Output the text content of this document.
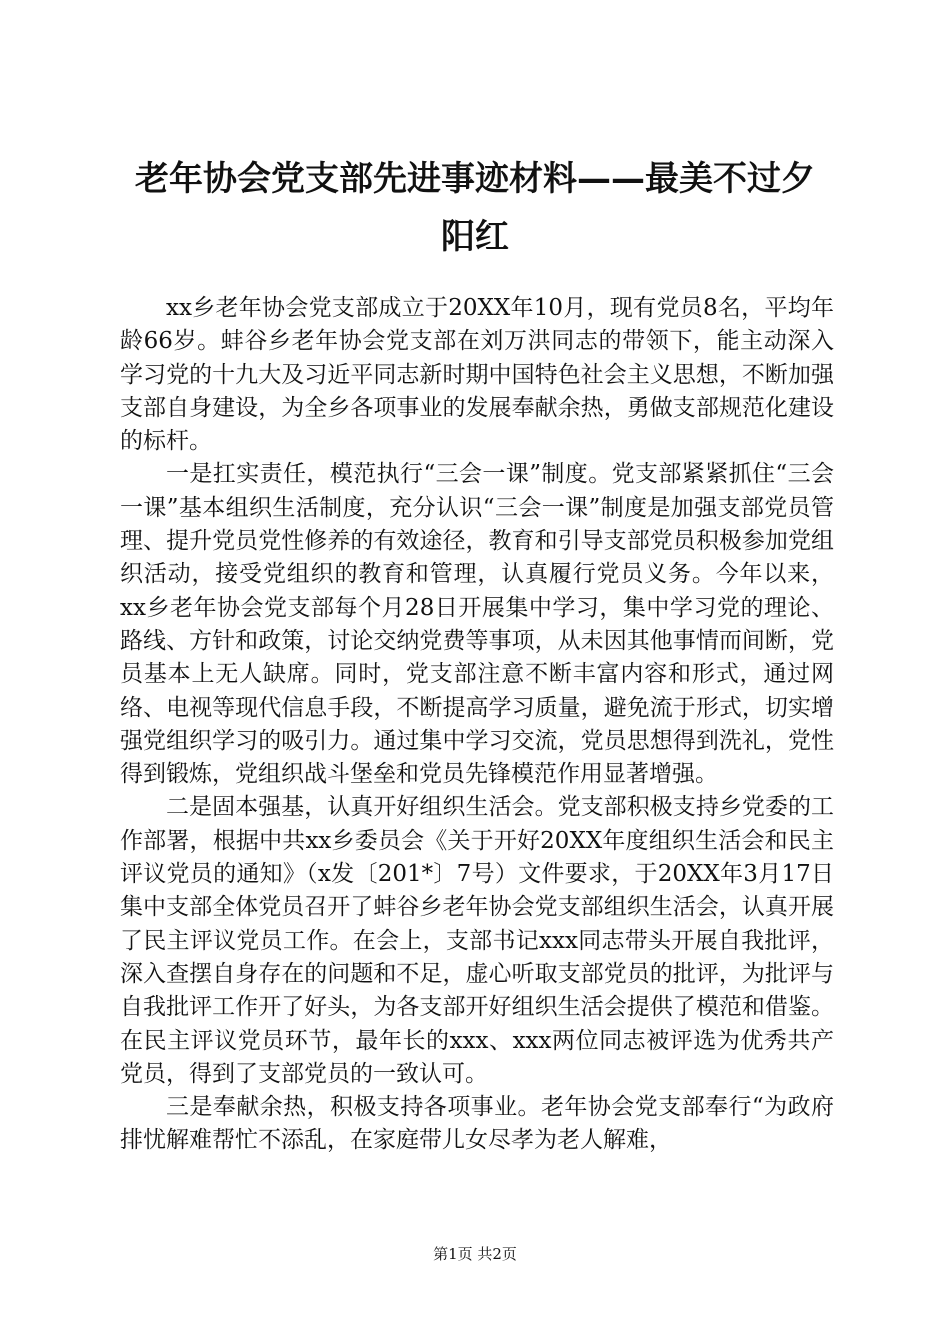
老年协会党支部先进事迹材料——最美不过夕阳红

xx乡老年协会党支部成立于20XX年10月，现有党员8名，平均年龄66岁。蚌谷乡老年协会党支部在刘万洪同志的带领下，能主动深入学习党的十九大及习近平同志新时期中国特色社会主义思想，不断加强支部自身建设，为全乡各项事业的发展奉献余热，勇做支部规范化建设的标杆。

一是扛实责任，模范执行“三会一课”制度。党支部紧紧抓住“三会一课”基本组织生活制度，充分认识“三会一课”制度是加强支部党员管理、提升党员党性修养的有效途径，教育和引导支部党员积极参加党组织活动，接受党组织的教育和管理，认真履行党员义务。今年以来，xx乡老年协会党支部每个月28日开展集中学习，集中学习党的理论、路线、方针和政策，讨论交纳党费等事项，从未因其他事情而间断，党员基本上无人缺席。同时，党支部注意不断丰富内容和形式，通过网络、电视等现代信息手段，不断提高学习质量，避免流于形式，切实增强党组织学习的吸引力。通过集中学习交流，党员思想得到洗礼，党性得到锻炼，党组织战斗堡垒和党员先锋模范作用显著增强。

二是固本强基，认真开好组织生活会。党支部积极支持乡党委的工作部署，根据中共xx乡委员会《关于开好20XX年度组织生活会和民主评议党员的通知》（x发〔201*〕7号）文件要求，于20XX年3月17日集中支部全体党员召开了蚌谷乡老年协会党支部组织生活会，认真开展了民主评议党员工作。在会上，支部书记xxx同志带头开展自我批评，深入查摆自身存在的问题和不足，虚心听取支部党员的批评，为批评与自我批评工作开了好头，为各支部开好组织生活会提供了模范和借鉴。在民主评议党员环节，最年长的xxx、xxx两位同志被评选为优秀共产党员，得到了支部党员的一致认可。

三是奉献余热，积极支持各项事业。老年协会党支部奉行“为政府排忧解难帮忙不添乱，在家庭带儿女尽孝为老人解难，

第1页 共2页
